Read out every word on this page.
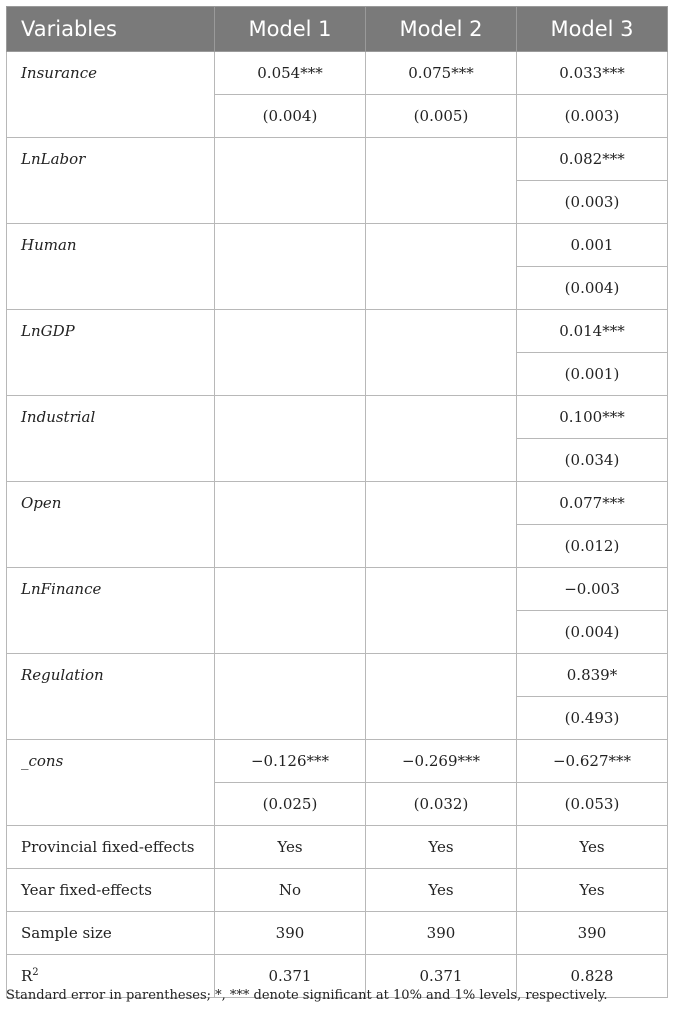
Variables	Model 1	Model 2	Model 3
Insurance	0.054***	0.075***	0.033***
	(0.004)	(0.005)	(0.003)
LnLabor			0.082***
			(0.003)
Human			0.001
			(0.004)
LnGDP			0.014***
			(0.001)
Industrial			0.100***
			(0.034)
Open			0.077***
			(0.012)
LnFinance			−0.003
			(0.004)
Regulation			0.839*
			(0.493)
_cons	−0.126***	−0.269***	−0.627***
	(0.025)	(0.032)	(0.053)
Provincial fixed-effects	Yes	Yes	Yes
Year fixed-effects	No	Yes	Yes
Sample size	390	390	390
$R^2$	0.371	0.371	0.828
Standard error in parentheses; *, *** denote significant at 10% and 1% levels, respectively.
